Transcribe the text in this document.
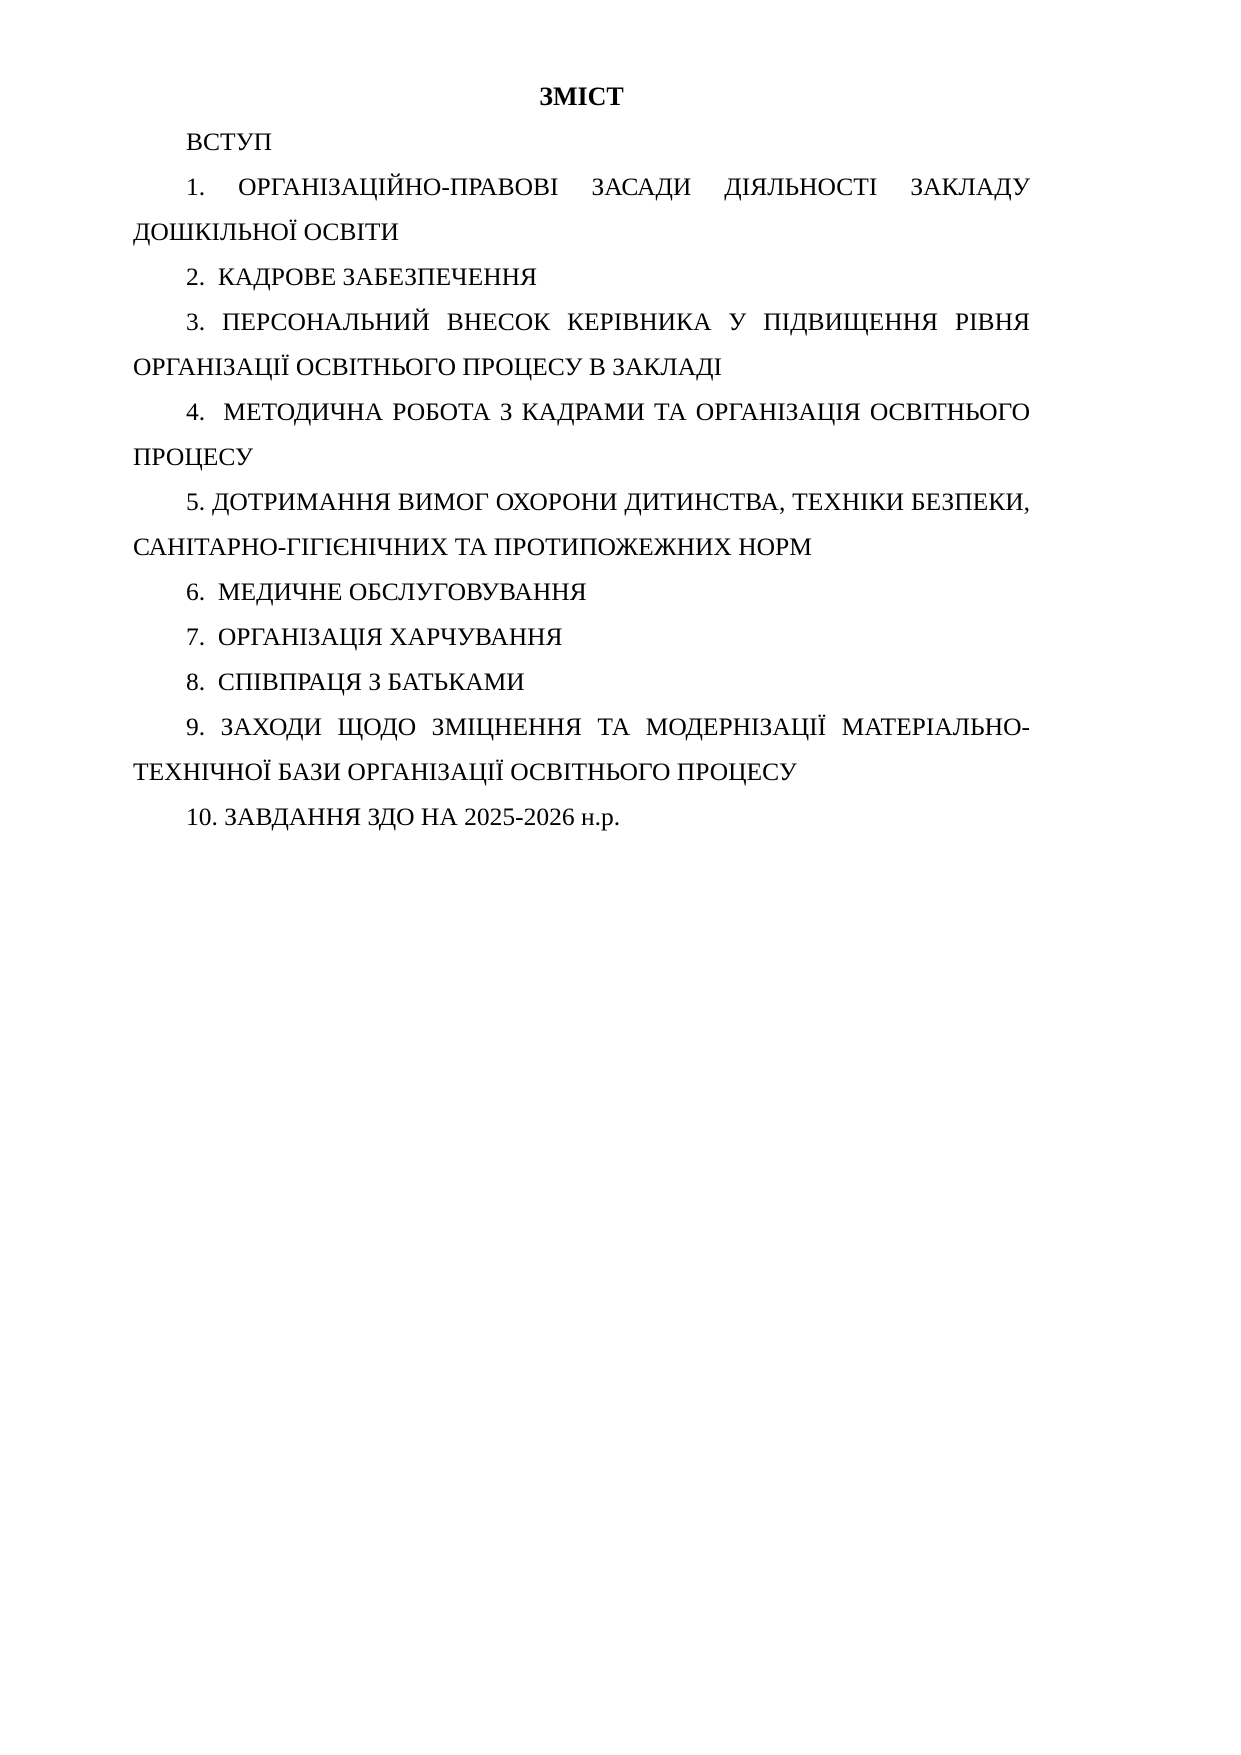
ЗМІСТ
ВСТУП
1. ОРГАНІЗАЦІЙНО-ПРАВОВІ ЗАСАДИ ДІЯЛЬНОСТІ ЗАКЛАДУ ДОШКІЛЬНОЇ ОСВІТИ
2. КАДРОВЕ ЗАБЕЗПЕЧЕННЯ
3. ПЕРСОНАЛЬНИЙ ВНЕСОК КЕРІВНИКА У ПІДВИЩЕННЯ РІВНЯ ОРГАНІЗАЦІЇ ОСВІТНЬОГО ПРОЦЕСУ В ЗАКЛАДІ
4. МЕТОДИЧНА РОБОТА З КАДРАМИ ТА ОРГАНІЗАЦІЯ ОСВІТНЬОГО ПРОЦЕСУ
5. ДОТРИМАННЯ ВИМОГ ОХОРОНИ ДИТИНСТВА, ТЕХНІКИ БЕЗПЕКИ, САНІТАРНО-ГІГІЄНІЧНИХ ТА ПРОТИПОЖЕЖНИХ НОРМ
6. МЕДИЧНЕ ОБСЛУГОВУВАННЯ
7. ОРГАНІЗАЦІЯ ХАРЧУВАННЯ
8. СПІВПРАЦЯ З БАТЬКАМИ
9. ЗАХОДИ ЩОДО ЗМІЦНЕННЯ ТА МОДЕРНІЗАЦІЇ МАТЕРІАЛЬНО-ТЕХНІЧНОЇ БАЗИ ОРГАНІЗАЦІЇ ОСВІТНЬОГО ПРОЦЕСУ
10. ЗАВДАННЯ ЗДО НА 2025-2026 н.р.
